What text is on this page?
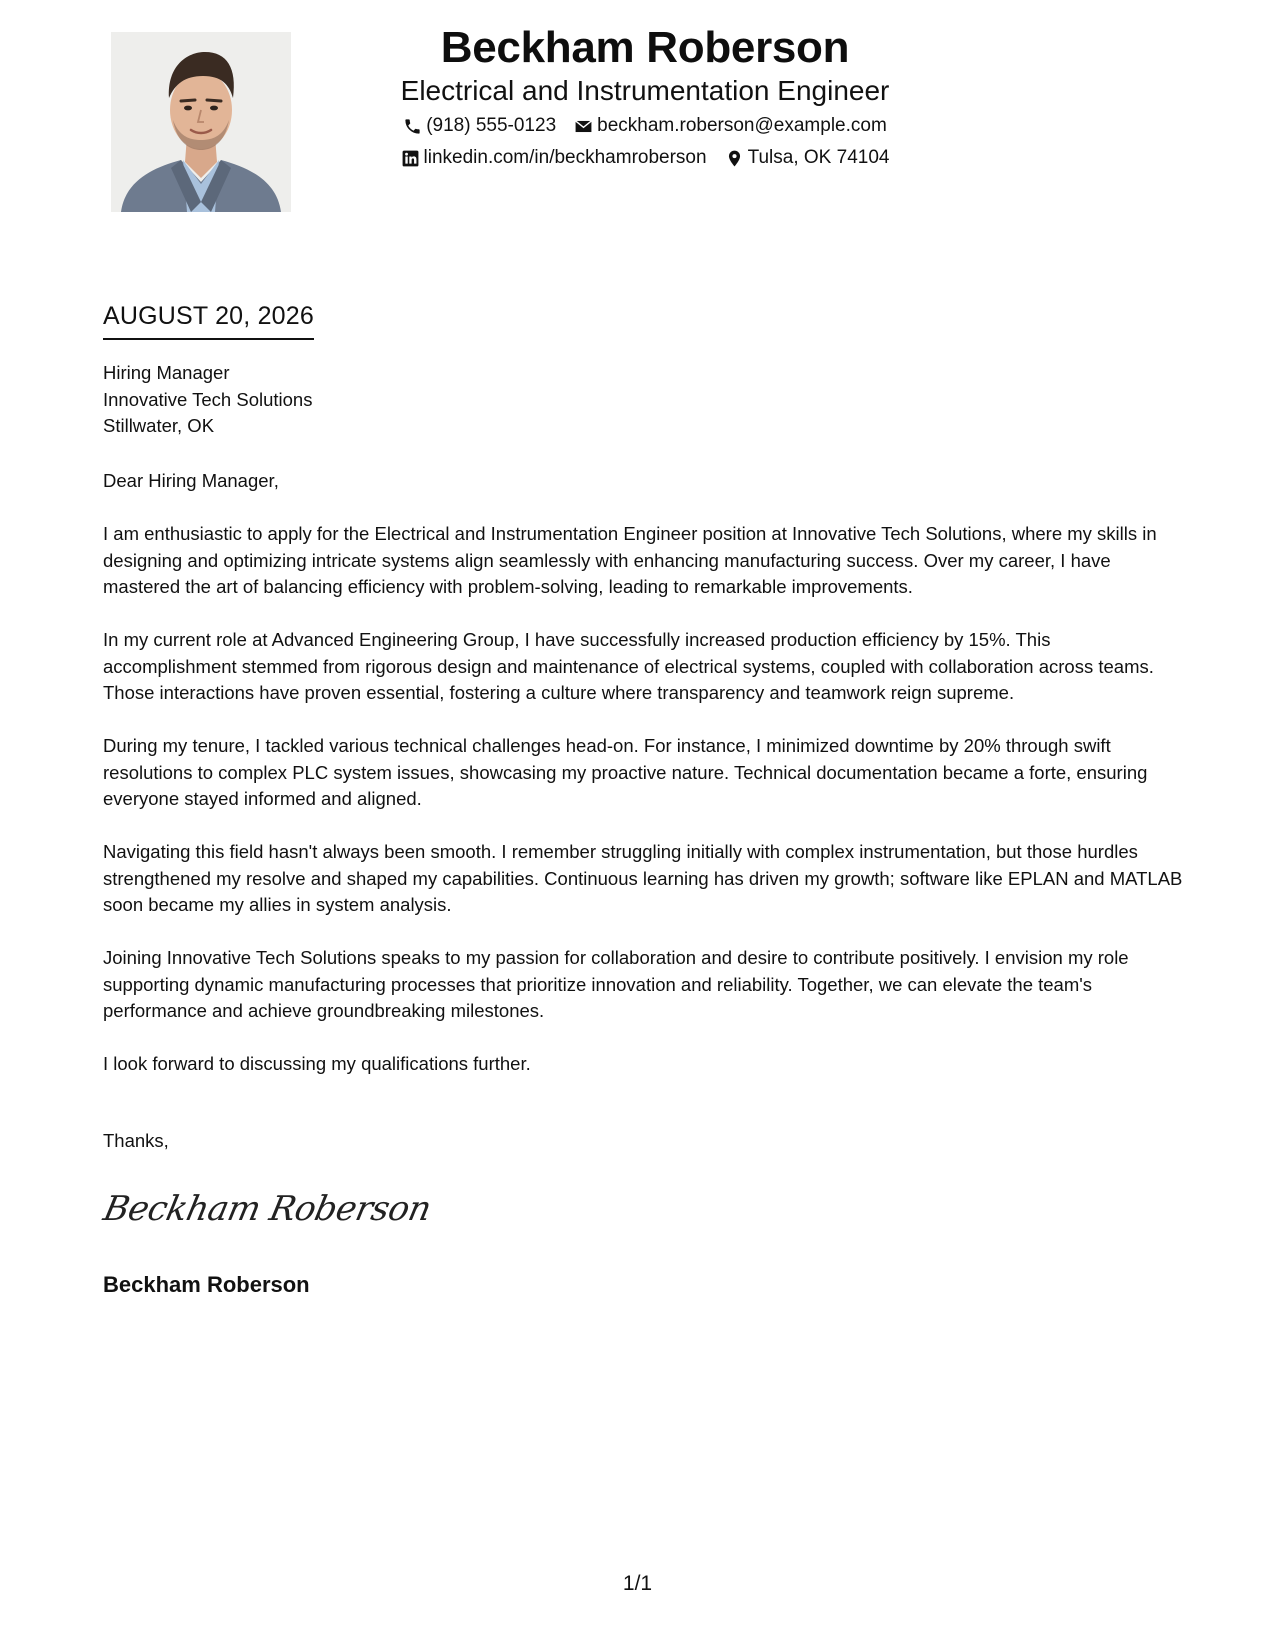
Beckham Roberson
Electrical and Instrumentation Engineer
(918) 555-0123 beckham.roberson@example.com
linkedin.com/in/beckhamroberson Tulsa, OK 74104
AUGUST 20, 2026
Hiring Manager
Innovative Tech Solutions
Stillwater, OK

Dear Hiring Manager,

I am enthusiastic to apply for the Electrical and Instrumentation Engineer position at Innovative Tech Solutions, where my skills in designing and optimizing intricate systems align seamlessly with enhancing manufacturing success. Over my career, I have mastered the art of balancing efficiency with problem-solving, leading to remarkable improvements.

In my current role at Advanced Engineering Group, I have successfully increased production efficiency by 15%. This accomplishment stemmed from rigorous design and maintenance of electrical systems, coupled with collaboration across teams. Those interactions have proven essential, fostering a culture where transparency and teamwork reign supreme.

During my tenure, I tackled various technical challenges head-on. For instance, I minimized downtime by 20% through swift resolutions to complex PLC system issues, showcasing my proactive nature. Technical documentation became a forte, ensuring everyone stayed informed and aligned.

Navigating this field hasn't always been smooth. I remember struggling initially with complex instrumentation, but those hurdles strengthened my resolve and shaped my capabilities. Continuous learning has driven my growth; software like EPLAN and MATLAB soon became my allies in system analysis.

Joining Innovative Tech Solutions speaks to my passion for collaboration and desire to contribute positively. I envision my role supporting dynamic manufacturing processes that prioritize innovation and reliability. Together, we can elevate the team's performance and achieve groundbreaking milestones.

I look forward to discussing my qualifications further.

Thanks,
Beckham Roberson
Beckham Roberson
1/1
